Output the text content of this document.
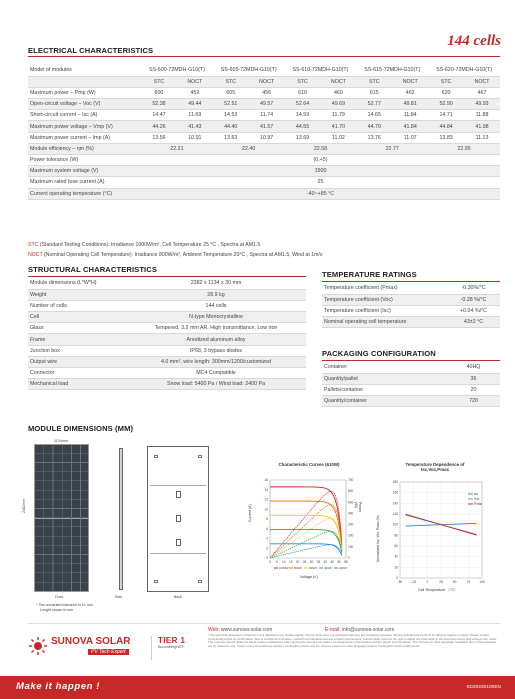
ELECTRICAL CHARACTERISTICS
144 cells
Model of modules	SS-600-72MDH-G10(T)		SS-605-72MDH-G10(T)		SS-610-72MDH-G10(T)		SS-615-72MDH-G10(T)		SS-620-72MDH-G10(T)	
	STC	NOCT	STC	NOCT	STC	NOCT	STC	NOCT	STC	NOCT
Maximum power – Pmp (W)	600	452	605	456	610	460	615	463	620	467
Open-circuit voltage – Voc (V)	52.38	49.44	52.51	49.57	52.64	49.69	52.77	49.81	52.90	49.93
Short-circuit current – Isc (A)	14.47	11.69	14.53	11.74	14.59	11.79	14.65	11.84	14.71	11.88
Maximum power voltage – Vmp (V)	44.26	41.43	44.40	41.57	44.55	41.70	44.70	41.84	44.84	41.98
Maximum power current – Imp (A)	13.56	10.91	13.63	10.97	13.69	11.02	13.76	11.07	13.83	11.13
Module efficiency – ηm (%)	22.21		22.40		22.58		22.77		22.95	
Power tolerance (W)	(0,+5)									
Maximum system voltage (V)	1500									
Maximum rated fuse current (A)	25									
Current operating temperature (°C)	-40~+85 °C									
STC (Standard Testing Conditions): Irradiance 1000W/m², Cell Temperature 25 °C , Spectra at AM1.5
NOCT (Nominal Operating Cell Temperature): Irradiance 800W/m², Ambient Temperature 20°C , Spectra at AM1.5, Wind at 1m/s
STRUCTURAL CHARACTERISTICS
Module dimensions (L*W*H)	2382 x 1134 x 30 mm
Weight	28.9 kg
Number of cells	144 cells
Cell	N-type Monocrystalline
Glass	Tempered, 3.2 mm AR, High transmittance, Low iron
Frame	Anodized aluminum alloy
Junction box	IP68, 3 bypass diodes
Output wire	4.0 mm², wire length: 300mm/1200/customized
Connector	MC4 Compatible
Mechanical load	Snow load: 5400 Pa / Wind load: 2400 Pa
TEMPERATURE RATINGS
Temperature coefficient (Pmax)	-0.30%/°C
Temperature coefficient (Voc)	-0.28 %/°C
Temperature coefficient (Isc)	+0.04 %/°C
Nominal operating cell temperature	43±2 °C
PACKAGING CONFIGURATION
Container	40HQ
Quantity/pallet	36
Pallets/container	20
Quantity/container	720
MODULE DIMENSIONS (MM)
1134mm
2382mm
Front
* The unmarked tolerance is ±1 mm
Length shown in mm
Side	Back
Characteristic Curves (610W)
0
2
4
6
8
10
12
14
16
0
100
200
300
400
500
600
700
0 5 10 15 20 25 30 35 40 45 50 55
1000W 800W 600W 400W 200W
Current (A)	Power (W)
Voltage (V)
Temperature Dependence of
Isc,Voc,Pmax
0
20
40
60
80
100
120
140
160
180
-50	-25	0	25	50	75	100
Isc
Voc
Pmax
Normalized Isc, Voc, Pmax (%)
Cell Temperature （°C）
Web: www.sunova-solar.com	E-mail: info@sunova-solar.com
SUNOVA SOLAR
PV Tech Expert
TIER 1
BloombergNEF
* The technical parameters contained in this datasheet may deviate slightly. Sunova Solar does not guarantee that they are completely accurate. Varying optimal data could be for different regions or power. Please contact commercial people for confirmation. Due to continuous innovation, research and development and product improvement, Sunova Solar reserves the right to adjust the information in the document at any time without prior notice. The customer should obtain the latest version of datasheet when signing the contract and make it an integral part of the binding contract signed by both parties. The Chinese (or other language) translation files of this datasheet are for reference only. If there is any inconsistency between the English version and the Chinese version (or other language version), the English version shall prevail.
Make it happen !	SD20240100EN
